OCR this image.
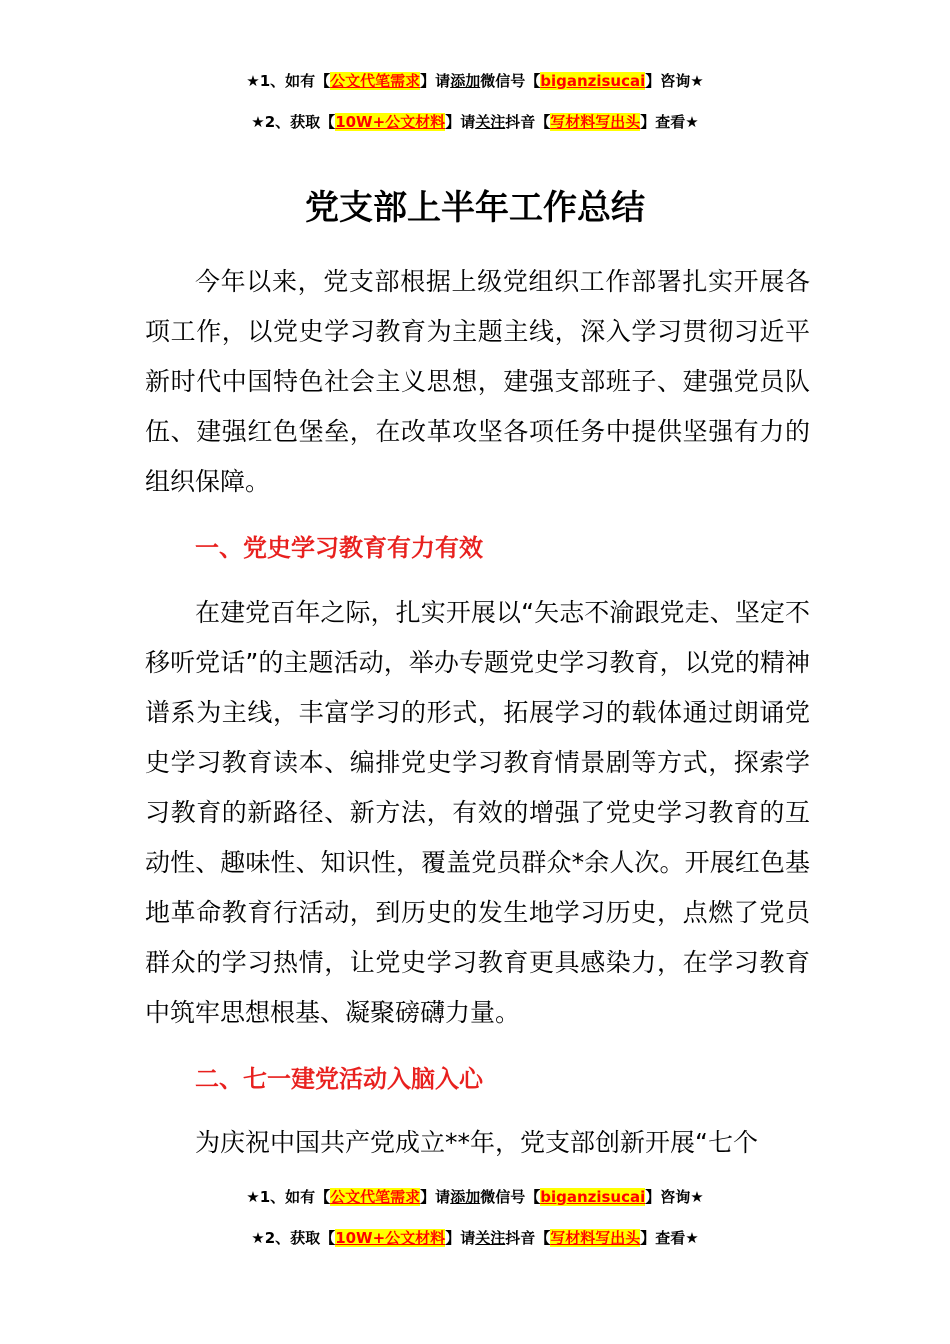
★1、如有【公文代笔需求】请添加微信号【biganzisucai】咨询★
★2、获取【10W+公文材料】请关注抖音【写材料写出头】查看★
党支部上半年工作总结

今年以来，党支部根据上级党组织工作部署扎实开展各项工作，以党史学习教育为主题主线，深入学习贯彻习近平新时代中国特色社会主义思想，建强支部班子、建强党员队伍、建强红色堡垒，在改革攻坚各项任务中提供坚强有力的组织保障。

一、党史学习教育有力有效

在建党百年之际，扎实开展以“矢志不渝跟党走、坚定不移听党话”的主题活动，举办专题党史学习教育，以党的精神谱系为主线，丰富学习的形式，拓展学习的载体通过朗诵党史学习教育读本、编排党史学习教育情景剧等方式，探索学习教育的新路径、新方法，有效的增强了党史学习教育的互动性、趣味性、知识性，覆盖党员群众*余人次。开展红色基地革命教育行活动，到历史的发生地学习历史，点燃了党员群众的学习热情，让党史学习教育更具感染力，在学习教育中筑牢思想根基、凝聚磅礴力量。

二、七一建党活动入脑入心

为庆祝中国共产党成立**年，党支部创新开展“七个

★1、如有【公文代笔需求】请添加微信号【biganzisucai】咨询★
★2、获取【10W+公文材料】请关注抖音【写材料写出头】查看★
